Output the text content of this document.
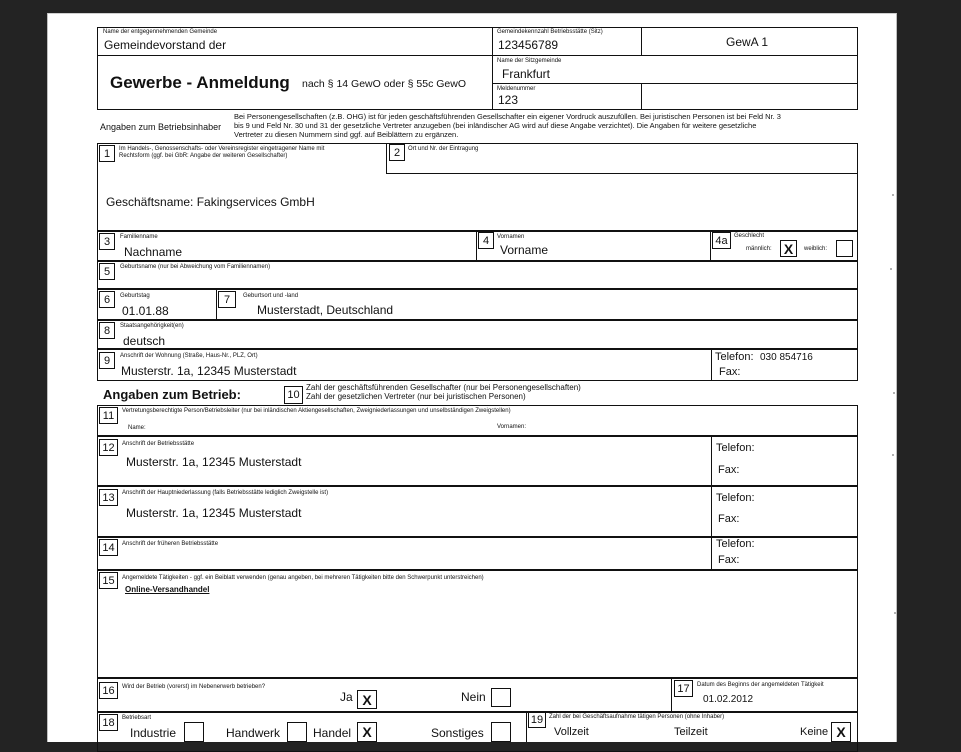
Name der entgegennehmenden Gemeinde
Gemeindevorstand der
Gemeindekennzahl Betriebsstätte (Sitz)
123456789	GewA 1
Gewerbe - Anmeldung nach § 14 GewO oder § 55c GewO
Name der Sitzgemeinde
Frankfurt
Meldenummer
123
Angaben zum Betriebsinhaber
Bei Personengesellschaften (z.B. OHG) ist für jeden geschäftsführenden Gesellschafter ein eigener Vordruck auszufüllen. Bei juristischen Personen ist bei Feld Nr. 3
bis 9 und Feld Nr. 30 und 31 der gesetzliche Vertreter anzugeben (bei inländischer AG wird auf diese Angabe verzichtet). Die Angaben für weitere gesetzliche
Vertreter zu diesen Nummern sind ggf. auf Beiblättern zu ergänzen.
1	Im Handels-, Genossenschafts- oder Vereinsregister eingetragener Name mit
Rechtsform (ggf. bei GbR: Angabe der weiteren Gesellschafter)
Geschäftsname: Fakingservices GmbH
2	Ort und Nr. der Eintragung
3	Familienname
Nachname
4	Vornamen
Vorname
4a	Geschlecht
männlich: X	weiblich:
5	Geburtsname (nur bei Abweichung vom Familiennamen)
6	Geburtstag
01.01.88
7	Geburtsort und -land
Musterstadt, Deutschland
8	Staatsangehörigkeit(en)
deutsch
9	Anschrift der Wohnung (Straße, Haus-Nr., PLZ, Ort)
Musterstr. 1a, 12345 Musterstadt
Telefon: 030 854716
Fax:
Angaben zum Betrieb:	10
Zahl der geschäftsführenden Gesellschafter (nur bei Personengesellschaften)
Zahl der gesetzlichen Vertreter (nur bei juristischen Personen)
11	Vertretungsberechtigte Person/Betriebsleiter (nur bei inländischen Aktiengesellschaften, Zweigniederlassungen und unselbständigen Zweigstellen)
Name:	Vornamen:
12	Anschrift der Betriebsstätte
Musterstr. 1a, 12345 Musterstadt
Telefon:
Fax:
13	Anschrift der Hauptniederlassung (falls Betriebsstätte lediglich Zweigstelle ist)
Musterstr. 1a, 12345 Musterstadt
Telefon:
Fax:
14	Anschrift der früheren Betriebsstätte	Telefon:
Fax:
15	Angemeldete Tätigkeiten - ggf. ein Beiblatt verwenden (genau angeben, bei mehreren Tätigkeiten bitte den Schwerpunkt unterstreichen)
Online-Versandhandel
16	Wird der Betrieb (vorerst) im Nebenerwerb betrieben?
Ja X	Nein
17	Datum des Beginns der angemeldeten Tätigkeit
01.02.2012
18	Betriebsart
Industrie	Handwerk	Handel X	Sonstiges
19 Zahl der bei Geschäftsaufnahme tätigen Personen (ohne Inhaber)
Vollzeit	Teilzeit	Keine X
